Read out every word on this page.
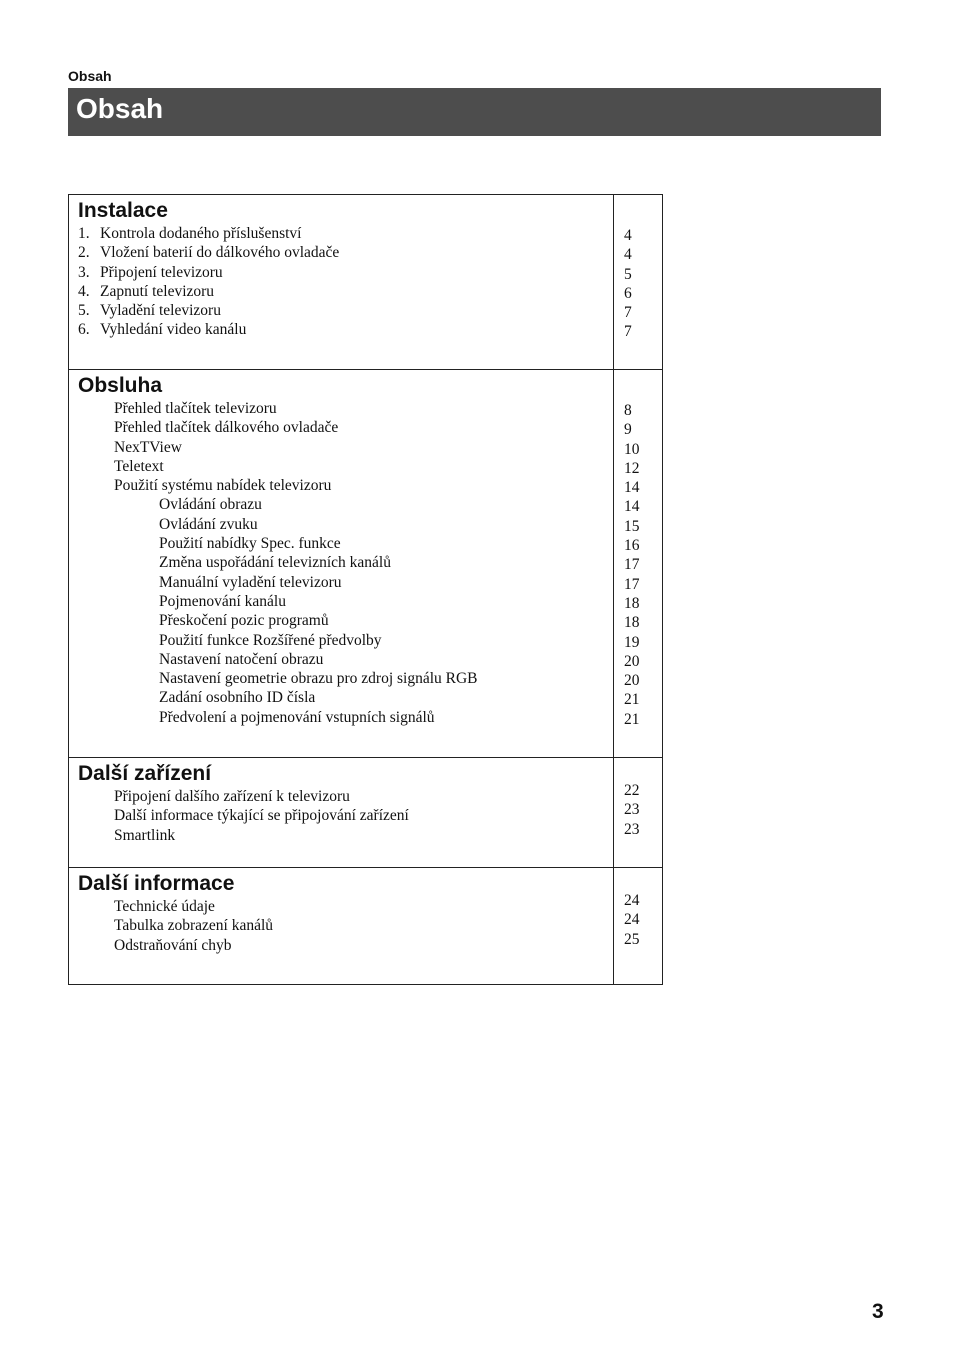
Obsah
Obsah
Instalace
1. Kontrola dodaného příslušenství
2. Vložení baterií do dálkového ovladače
3. Připojení televizoru
4. Zapnutí televizoru
5. Vyladění televizoru
6. Vyhledání video kanálu
4
4
5
6
7
7
Obsluha
Přehled tlačítek televizoru
Přehled tlačítek dálkového ovladače
NexTView
Teletext
Použití systému nabídek televizoru
Ovládání obrazu
Ovládání zvuku
Použití nabídky Spec. funkce
Změna uspořádání televizních kanálů
Manuální vyladění televizoru
Pojmenování kanálu
Přeskočení pozic programů
Použití funkce Rozšířené předvolby
Nastavení natočení obrazu
Nastavení geometrie obrazu pro zdroj signálu RGB
Zadání osobního ID čísla
Předvolení a pojmenování vstupních signálů
8
9
10
12
14
14
15
16
17
17
18
18
19
20
20
21
21
Další zařízení
Připojení dalšího zařízení k televizoru
Další informace týkající se připojování zařízení
Smartlink
22
23
23
Další informace
Technické údaje
Tabulka zobrazení kanálů
Odstraňování chyb
24
24
25
3
